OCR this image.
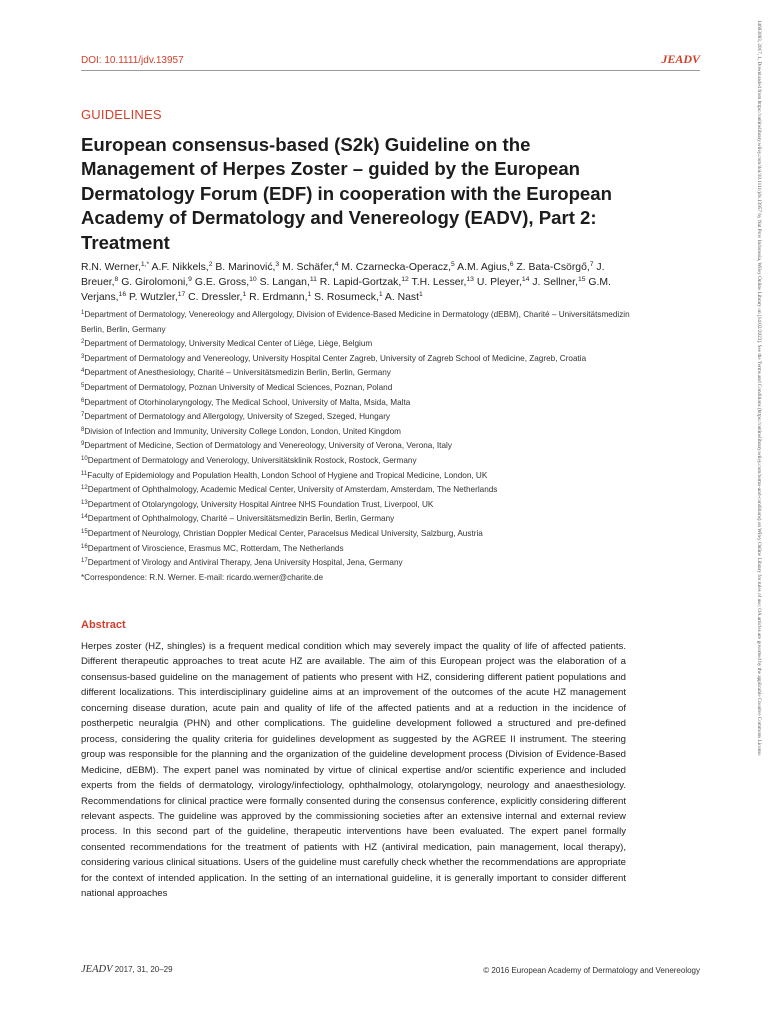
DOI: 10.1111/jdv.13957	JEADV
GUIDELINES
European consensus-based (S2k) Guideline on the Management of Herpes Zoster – guided by the European Dermatology Forum (EDF) in cooperation with the European Academy of Dermatology and Venereology (EADV), Part 2: Treatment
R.N. Werner,$^{1,*}$ A.F. Nikkels,$^2$ B. Marinović,$^3$ M. Schäfer,$^4$ M. Czarnecka-Operacz,$^5$ A.M. Agius,$^6$ Z. Bata-Csörgő,$^7$ J. Breuer,$^8$ G. Girolomoni,$^9$ G.E. Gross,$^{10}$ S. Langan,$^{11}$ R. Lapid-Gortzak,$^{12}$ T.H. Lesser,$^{13}$ U. Pleyer,$^{14}$ J. Sellner,$^{15}$ G.M. Verjans,$^{16}$ P. Wutzler,$^{17}$ C. Dressler,$^1$ R. Erdmann,$^1$ S. Rosumeck,$^1$ A. Nast$^1$
$^1$Department of Dermatology, Venereology and Allergology, Division of Evidence-Based Medicine in Dermatology (dEBM), Charité – Universitätsmedizin Berlin, Berlin, Germany
$^2$Department of Dermatology, University Medical Center of Liège, Liège, Belgium
$^3$Department of Dermatology and Venereology, University Hospital Center Zagreb, University of Zagreb School of Medicine, Zagreb, Croatia
$^4$Department of Anesthesiology, Charité – Universitätsmedizin Berlin, Berlin, Germany
$^5$Department of Dermatology, Poznan University of Medical Sciences, Poznan, Poland
$^6$Department of Otorhinolaryngology, The Medical School, University of Malta, Msida, Malta
$^7$Department of Dermatology and Allergology, University of Szeged, Szeged, Hungary
$^8$Division of Infection and Immunity, University College London, London, United Kingdom
$^9$Department of Medicine, Section of Dermatology and Venereology, University of Verona, Verona, Italy
$^{10}$Department of Dermatology and Venerology, Universitätsklinik Rostock, Rostock, Germany
$^{11}$Faculty of Epidemiology and Population Health, London School of Hygiene and Tropical Medicine, London, UK
$^{12}$Department of Ophthalmology, Academic Medical Center, University of Amsterdam, Amsterdam, The Netherlands
$^{13}$Department of Otolaryngology, University Hospital Aintree NHS Foundation Trust, Liverpool, UK
$^{14}$Department of Ophthalmology, Charité – Universitätsmedizin Berlin, Berlin, Germany
$^{15}$Department of Neurology, Christian Doppler Medical Center, Paracelsus Medical University, Salzburg, Austria
$^{16}$Department of Viroscience, Erasmus MC, Rotterdam, The Netherlands
$^{17}$Department of Virology and Antiviral Therapy, Jena University Hospital, Jena, Germany
*Correspondence: R.N. Werner. E-mail: ricardo.werner@charite.de
Abstract
Herpes zoster (HZ, shingles) is a frequent medical condition which may severely impact the quality of life of affected patients. Different therapeutic approaches to treat acute HZ are available. The aim of this European project was the elaboration of a consensus-based guideline on the management of patients who present with HZ, considering different patient populations and different localizations. This interdisciplinary guideline aims at an improvement of the outcomes of the acute HZ management concerning disease duration, acute pain and quality of life of the affected patients and at a reduction in the incidence of postherpetic neuralgia (PHN) and other complications. The guideline development followed a structured and pre-defined process, considering the quality criteria for guidelines development as suggested by the AGREE II instrument. The steering group was responsible for the planning and the organization of the guideline development process (Division of Evidence-Based Medicine, dEBM). The expert panel was nominated by virtue of clinical expertise and/or scientific experience and included experts from the fields of dermatology, virology/infectiology, ophthalmology, otolaryngology, neurology and anaesthesiology. Recommendations for clinical practice were formally consented during the consensus conference, explicitly considering different relevant aspects. The guideline was approved by the commissioning societies after an extensive internal and external review process. In this second part of the guideline, therapeutic interventions have been evaluated. The expert panel formally consented recommendations for the treatment of patients with HZ (antiviral medication, pain management, local therapy), considering various clinical situations. Users of the guideline must carefully check whether the recommendations are appropriate for the context of intended application. In the setting of an international guideline, it is generally important to consider different national approaches
JEADV 2017, 31, 20–29	© 2016 European Academy of Dermatology and Venereology
14683083, 2017, 1, Downloaded from https://onlinelibrary.wiley.com/doi/10.1111/jdv.13957 by Nat Prov Indonesia, Wiley Online Library on [14/02/2023]. See the Terms and Conditions (https://onlinelibrary.wiley.com/terms-and-conditions) on Wiley Online Library for rules of use; OA articles are governed by the applicable Creative Commons License
